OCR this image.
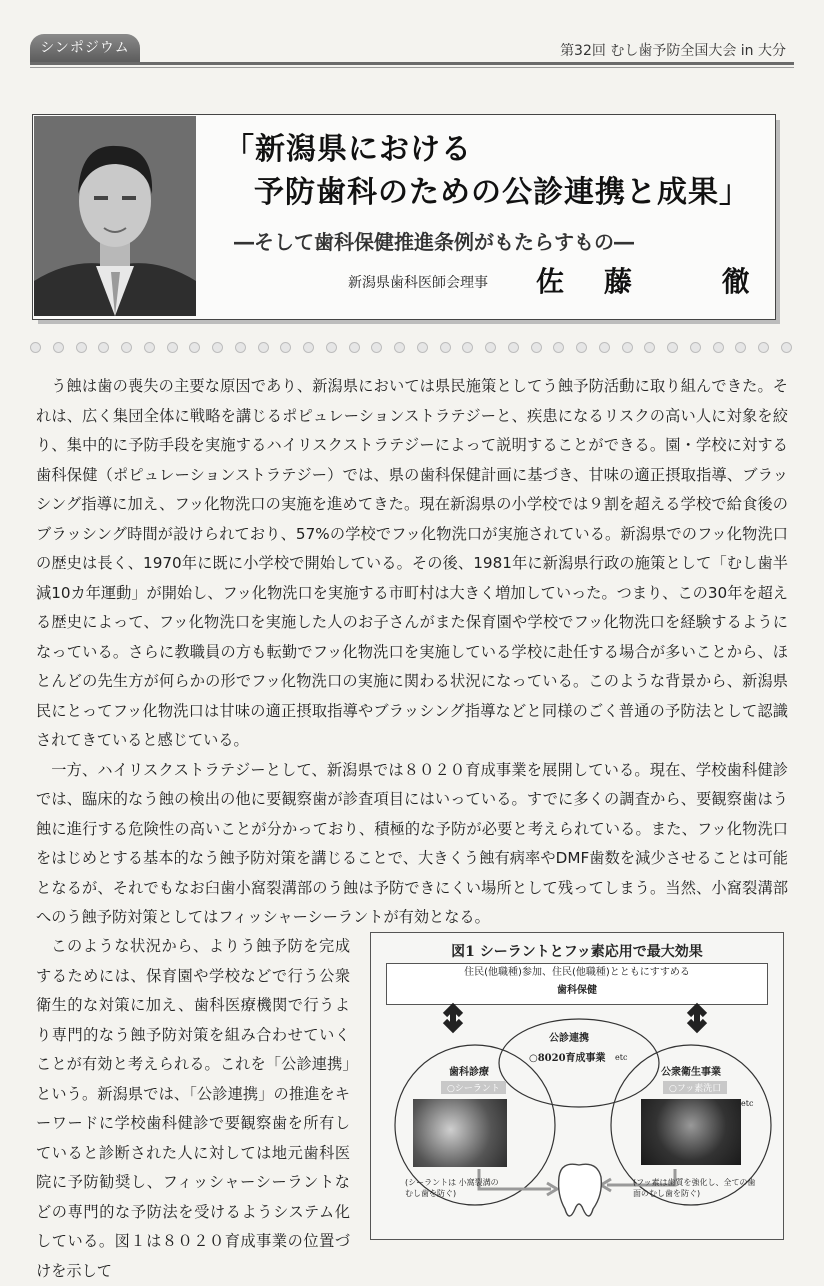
シンポジウム	第32回 むし歯予防全国大会 in 大分
「新潟県における
予防歯科のための公診連携と成果」
―そして歯科保健推進条例がもたらすもの―
新潟県歯科医師会理事 佐藤 徹

う蝕は歯の喪失の主要な原因であり、新潟県においては県民施策としてう蝕予防活動に取り組んできた。それは、広く集団全体に戦略を講じるポピュレーションストラテジーと、疾患になるリスクの高い人に対象を絞り、集中的に予防手段を実施するハイリスクストラテジーによって説明することができる。園・学校に対する歯科保健（ポピュレーションストラテジー）では、県の歯科保健計画に基づき、甘味の適正摂取指導、ブラッシング指導に加え、フッ化物洗口の実施を進めてきた。現在新潟県の小学校では９割を超える学校で給食後のブラッシング時間が設けられており、57%の学校でフッ化物洗口が実施されている。新潟県でのフッ化物洗口の歴史は長く、1970年に既に小学校で開始している。その後、1981年に新潟県行政の施策として「むし歯半減10カ年運動」が開始し、フッ化物洗口を実施する市町村は大きく増加していった。つまり、この30年を超える歴史によって、フッ化物洗口を実施した人のお子さんがまた保育園や学校でフッ化物洗口を経験するようになっている。さらに教職員の方も転勤でフッ化物洗口を実施している学校に赴任する場合が多いことから、ほとんどの先生方が何らかの形でフッ化物洗口の実施に関わる状況になっている。このような背景から、新潟県民にとってフッ化物洗口は甘味の適正摂取指導やブラッシング指導などと同様のごく普通の予防法として認識されてきていると感じている。

一方、ハイリスクストラテジーとして、新潟県では８０２０育成事業を展開している。現在、学校歯科健診では、臨床的なう蝕の検出の他に要観察歯が診査項目にはいっている。すでに多くの調査から、要観察歯はう蝕に進行する危険性の高いことが分かっており、積極的な予防が必要と考えられている。また、フッ化物洗口をはじめとする基本的なう蝕予防対策を講じることで、大きくう蝕有病率やDMF歯数を減少させることは可能となるが、それでもなお臼歯小窩裂溝部のう蝕は予防できにくい場所として残ってしまう。当然、小窩裂溝部へのう蝕予防対策としてはフィッシャーシーラントが有効となる。

このような状況から、よりう蝕予防を完成するためには、保育園や学校などで行う公衆衛生的な対策に加え、歯科医療機関で行うより専門的なう蝕予防対策を組み合わせていくことが有効と考えられる。これを「公診連携」という。新潟県では、「公診連携」の推進をキーワードに学校歯科健診で要観察歯を所有していると診断された人に対しては地元歯科医院に予防勧奨し、フィッシャーシーラントなどの専門的な予防法を受けるようシステム化している。図１は８０２０育成事業の位置づけを示して

図1 シーラントとフッ素応用で最大効果
住民(他職種)参加、住民(他職種)とともにすすめる
歯科保健
公診連携
○8020育成事業 etc
歯科診療
○シーラント
公衆衛生事業
○フッ素洗口
etc
(シーラントは 小窩裂溝のむし歯を防ぐ)
(フッ素は歯質を強化し、全ての歯面のむし歯を防ぐ)
